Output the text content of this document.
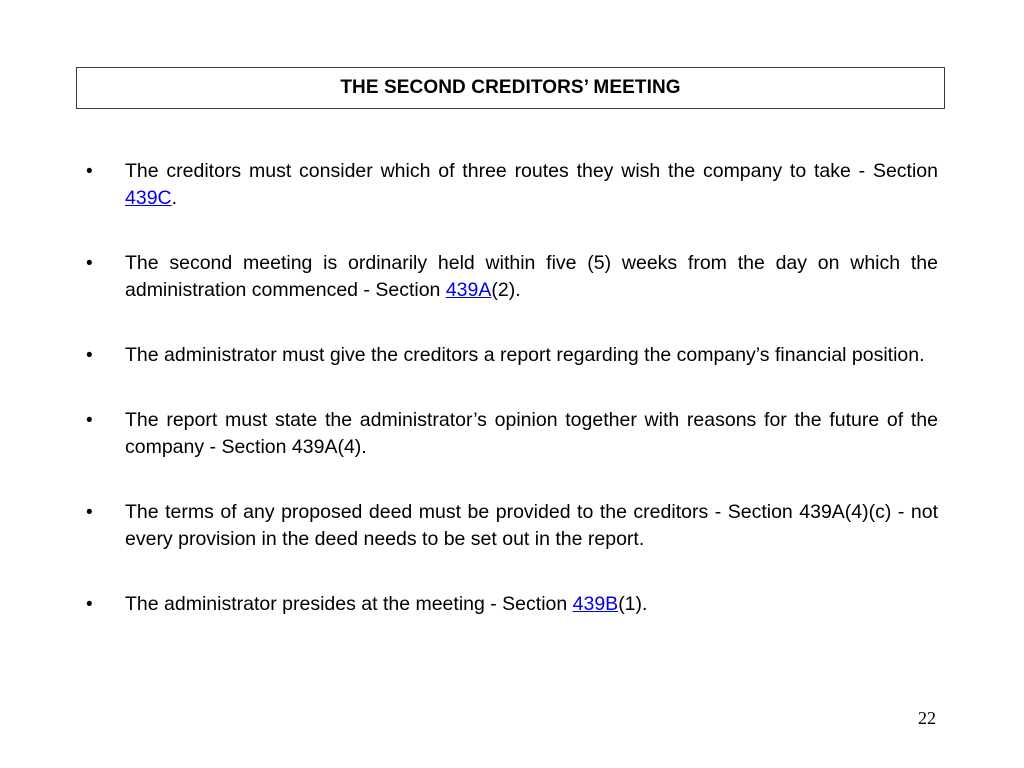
THE SECOND CREDITORS’ MEETING
•	The creditors must consider which of three routes they wish the company to take - Section 439C.
•	The second meeting is ordinarily held within five (5) weeks from the day on which the administration commenced - Section 439A(2).
•	The administrator must give the creditors a report regarding the company’s financial position.
•	The report must state the administrator’s opinion together with reasons for the future of the company - Section 439A(4).
•	The terms of any proposed deed must be provided to the creditors - Section 439A(4)(c) - not every provision in the deed needs to be set out in the report.
•	The administrator presides at the meeting - Section 439B(1).
22
